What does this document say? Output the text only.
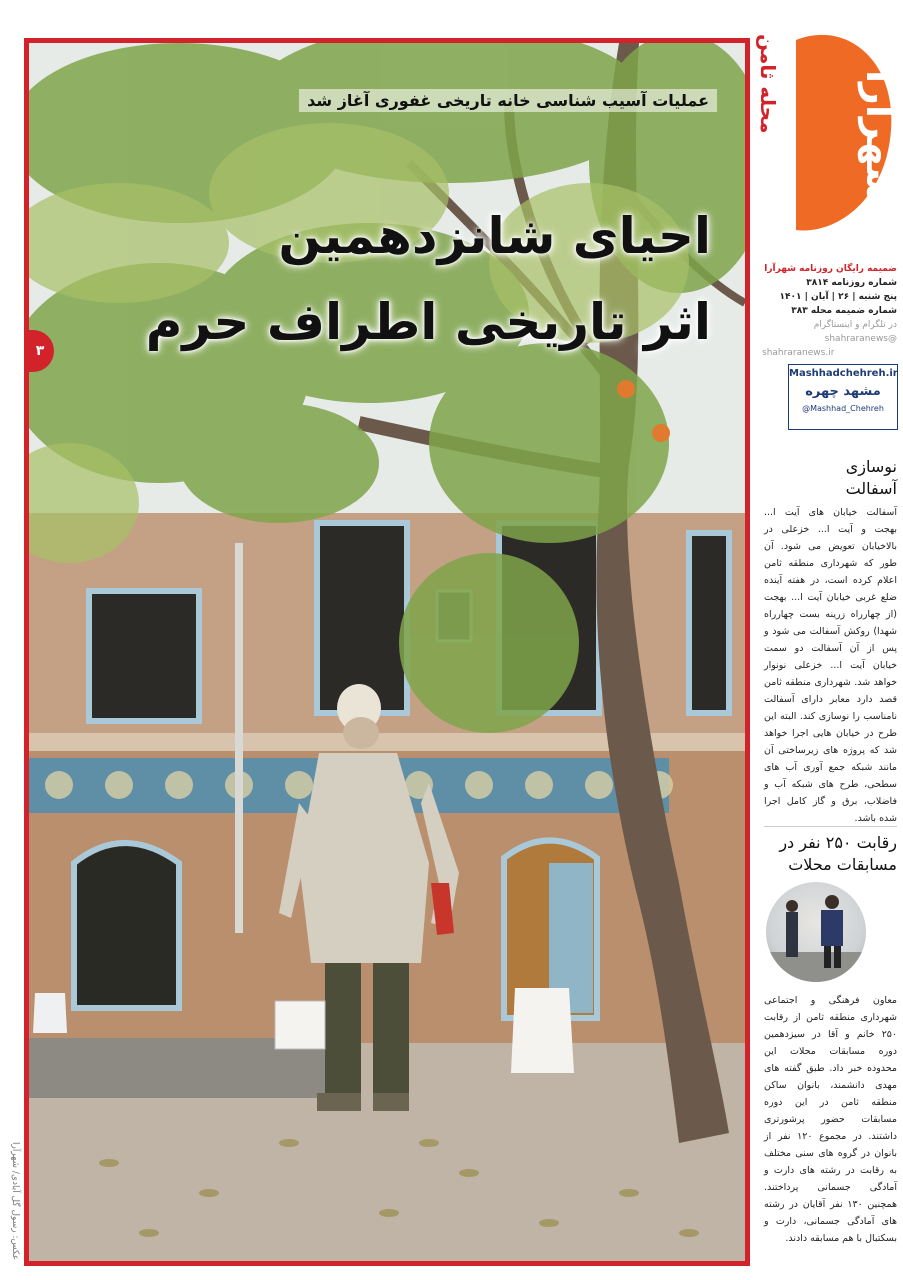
عملیات آسیب شناسی خانه تاریخی غفوری آغاز شد
احیای شانزدهمین
اثر تاریخی اطراف حرم
۳
عکس: رسول گل آبادی/ شهرآرا
شهرآرا
محله ثامن
ضمیمه رایگان روزنامه شهرآرا
شماره روزنامه ۳۸۱۴
پنج شنبه | ۲۶ | آبان | ۱۴۰۱
شماره ضمیمه محله ۳۸۳
در تلگرام و اینستاگرام @shahraranews
shahraranews.ir
Mashhadchehreh.ir
مشهد چهره
@Mashhad_Chehreh
نوسازی
آسفالت

آسفالت خیابان های آیت ا... بهجت و آیت ا... خزعلی در بالاخیابان تعویض می شود. آن طور که شهرداری منطقه ثامن اعلام کرده است، در هفته آینده ضلع غربی خیابان آیت ا... بهجت (از چهارراه زرینه بست چهارراه شهدا) روکش آسفالت می شود و پس از آن آسفالت دو سمت خیابان آیت ا... خزعلی نونوار خواهد شد. شهرداری منطقه ثامن قصد دارد معابر دارای آسفالت نامناسب را نوسازی کند. البته این طرح در خیابان هایی اجرا خواهد شد که پروژه های زیرساختی آن مانند شبکه جمع آوری آب های سطحی، طرح های شبکه آب و فاضلاب، برق و گاز کامل اجرا شده باشد.

رقابت ۲۵۰ نفر در
مسابقات محلات

معاون فرهنگی و اجتماعی شهرداری منطقه ثامن از رقابت ۲۵۰ خانم و آقا در سیزدهمین دوره مسابقات محلات این محدوده خبر داد. طبق گفته های مهدی دانشمند، بانوان ساکن منطقه ثامن در این دوره مسابقات حضور پرشورتری داشتند. در مجموع ۱۲۰ نفر از بانوان در گروه های سنی مختلف به رقابت در رشته های دارت و آمادگی جسمانی پرداختند. همچنین ۱۳۰ نفر آقایان در رشته های آمادگی جسمانی، دارت و بسکتبال با هم مسابقه دادند.
